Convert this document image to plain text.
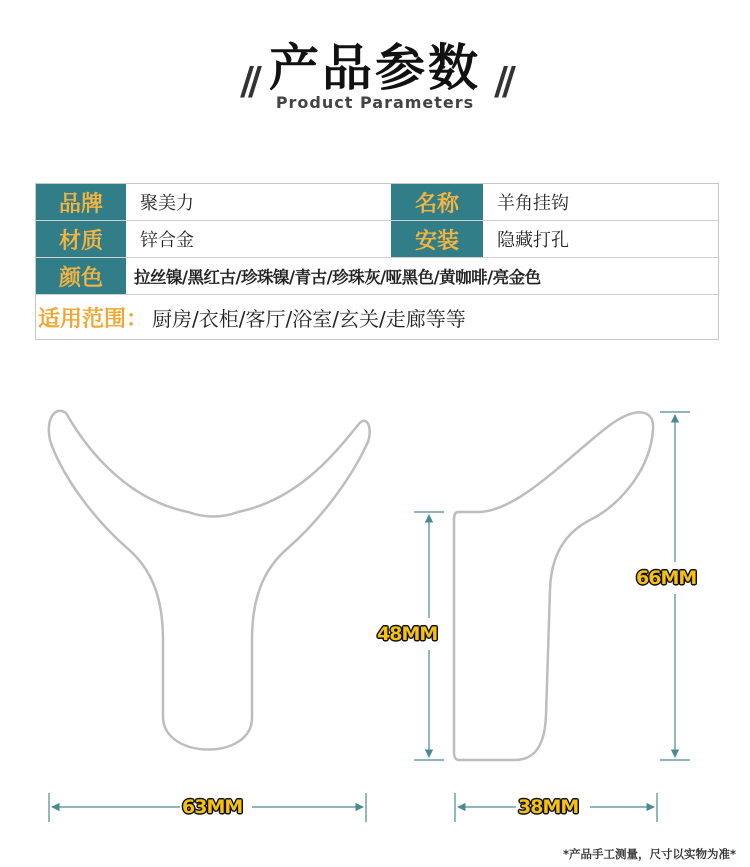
// 产品参数 //
Product Parameters
品牌	聚美力	名称	羊角挂钩
材质	锌合金	安装	隐藏打孔
颜色	拉丝镍/黑红古/珍珠镍/青古/珍珠灰/哑黑色/黄咖啡/亮金色
适用范围： 厨房/衣柜/客厅/浴室/玄关/走廊等等
63MM	38MM
48MM
66MM
*产品手工测量，尺寸以实物为准*
